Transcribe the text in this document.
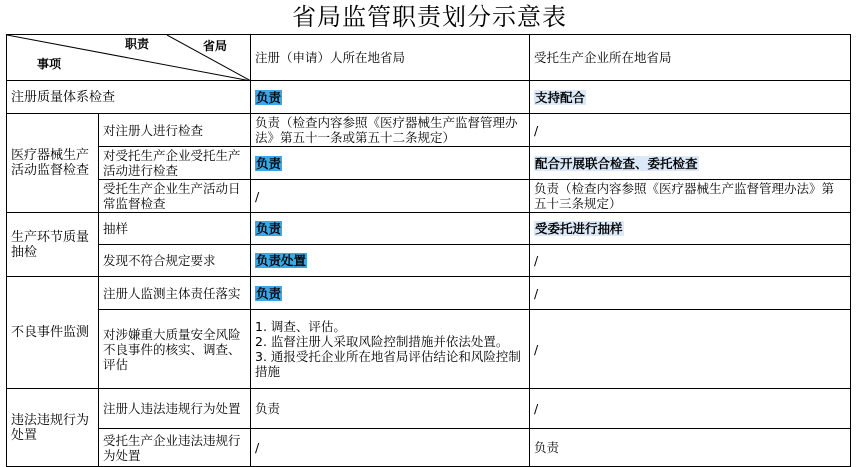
省局监管职责划分示意表
职责 省局
事项		注册（申请）人所在地省局	受托生产企业所在地省局
注册质量体系检查		负责	支持配合
医疗器械生产活动监督检查	对注册人进行检查	负责（检查内容参照《医疗器械生产监督管理办法》第五十一条或第五十二条规定）	/
	对受托生产企业受托生产活动进行检查	负责	配合开展联合检查、委托检查
	受托生产企业生产活动日常监督检查	/	负责（检查内容参照《医疗器械生产监督管理办法》第五十三条规定）
生产环节质量抽检	抽样	负责	受委托进行抽样
	发现不符合规定要求	负责处置	/
不良事件监测	注册人监测主体责任落实	负责	/
	对涉嫌重大质量安全风险不良事件的核实、调查、评估	1. 调查、评估。
2. 监督注册人采取风险控制措施并依法处置。
3. 通报受托企业所在地省局评估结论和风险控制措施	/
违法违规行为处置	注册人违法违规行为处置	负责	/
	受托生产企业违法违规行为处置	/	负责
